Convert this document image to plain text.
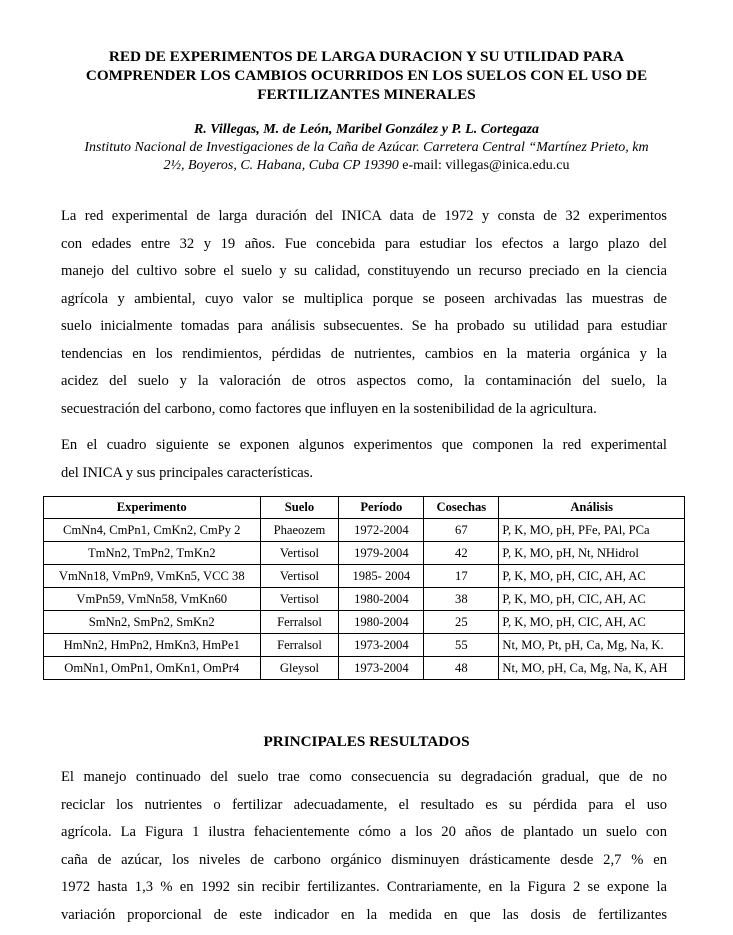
RED DE EXPERIMENTOS DE LARGA DURACION Y SU UTILIDAD PARA
COMPRENDER LOS CAMBIOS OCURRIDOS EN LOS SUELOS CON EL USO DE
FERTILIZANTES MINERALES
R. Villegas, M. de León, Maribel González y P. L. Cortegaza
Instituto Nacional de Investigaciones de la Caña de Azúcar. Carretera Central “Martínez Prieto, km
2½, Boyeros, C. Habana, Cuba CP 19390 e-mail: villegas@inica.edu.cu

La red experimental de larga duración del INICA data de 1972 y consta de 32 experimentos
con edades entre 32 y 19 años. Fue concebida para estudiar los efectos a largo plazo del
manejo del cultivo sobre el suelo y su calidad, constituyendo un recurso preciado en la ciencia
agrícola y ambiental, cuyo valor se multiplica porque se poseen archivadas las muestras de
suelo inicialmente tomadas para análisis subsecuentes. Se ha probado su utilidad para estudiar
tendencias en los rendimientos, pérdidas de nutrientes, cambios en la materia orgánica y la
acidez del suelo y la valoración de otros aspectos como, la contaminación del suelo, la
secuestración del carbono, como factores que influyen en la sostenibilidad de la agricultura.

En el cuadro siguiente se exponen algunos experimentos que componen la red experimental
del INICA y sus principales características.

Experimento	Suelo	Período	Cosechas	Análisis
CmNn4, CmPn1, CmKn2, CmPy 2	Phaeozem	1972-2004	67	P, K, MO, pH, PFe, PAl, PCa
TmNn2, TmPn2, TmKn2	Vertisol	1979-2004	42	P, K, MO, pH, Nt, NHidrol
VmNn18, VmPn9, VmKn5, VCC 38	Vertisol	1985- 2004	17	P, K, MO, pH, CIC, AH, AC
VmPn59, VmNn58, VmKn60	Vertisol	1980-2004	38	P, K, MO, pH, CIC, AH, AC
SmNn2, SmPn2, SmKn2	Ferralsol	1980-2004	25	P, K, MO, pH, CIC, AH, AC
HmNn2, HmPn2, HmKn3, HmPe1	Ferralsol	1973-2004	55	Nt, MO, Pt, pH, Ca, Mg, Na, K.
OmNn1, OmPn1, OmKn1, OmPr4	Gleysol	1973-2004	48	Nt, MO, pH, Ca, Mg, Na, K, AH
PRINCIPALES RESULTADOS

El manejo continuado del suelo trae como consecuencia su degradación gradual, que de no
reciclar los nutrientes o fertilizar adecuadamente, el resultado es su pérdida para el uso
agrícola. La Figura 1 ilustra fehacientemente cómo a los 20 años de plantado un suelo con
caña de azúcar, los niveles de carbono orgánico disminuyen drásticamente desde 2,7 % en
1972 hasta 1,3 % en 1992 sin recibir fertilizantes. Contrariamente, en la Figura 2 se expone la
variación proporcional de este indicador en la medida en que las dosis de fertilizantes
